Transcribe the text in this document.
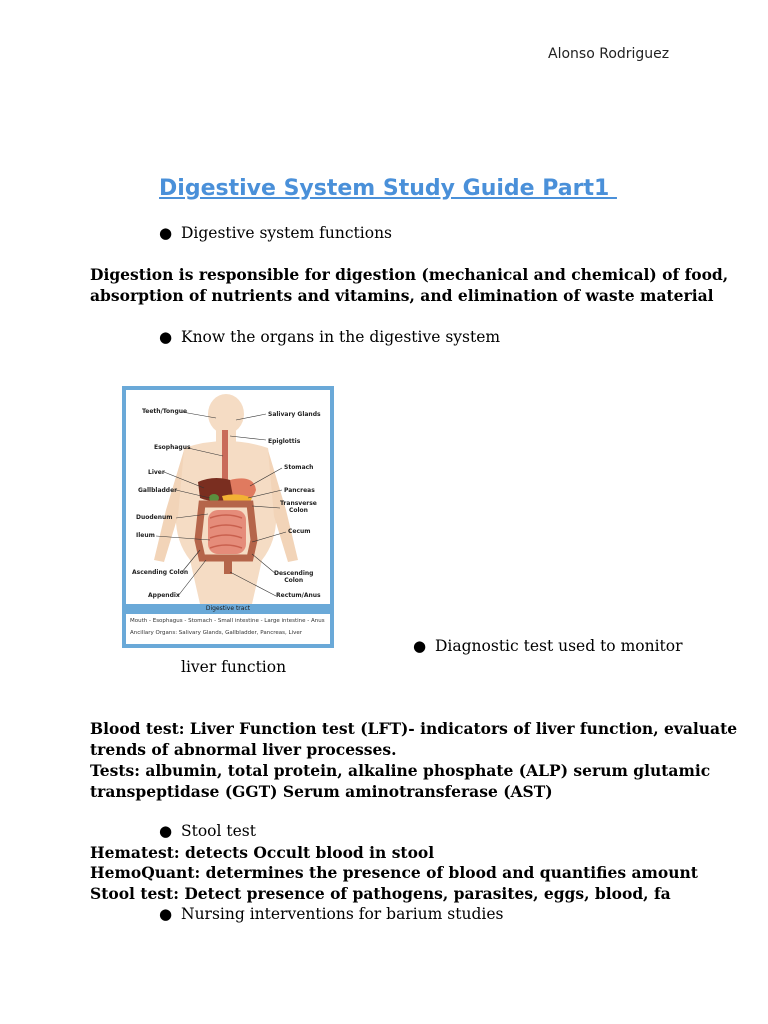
Alonso Rodriguez
Digestive System Study Guide Part1
● Digestive system functions
Digestion is responsible for digestion (mechanical and chemical) of food, absorption of nutrients and vitamins, and elimination of waste material
● Know the organs in the digestive system
Teeth/Tongue	Salivary Glands
Epiglottis
Esophagus
Stomach
Liver
Gallbladder	Pancreas
Transverse
Colon
Duodenum
Ileum
Cecum
Ascending Colon	Descending
Colon
Appendix	Rectum/Anus
Digestive tract
Mouth - Esophagus - Stomach - Small intestine - Large intestine - Anus
Ancillary Organs: Salivary Glands, Gallbladder, Pancreas, Liver
● Diagnostic test used to monitor
liver function
Blood test: Liver Function test (LFT)- indicators of liver function, evaluate trends of abnormal liver processes.
Tests: albumin, total protein, alkaline phosphate (ALP) serum glutamic transpeptidase (GGT) Serum aminotransferase (AST)
● Stool test
Hematest: detects Occult blood in stool
HemoQuant: determines the presence of blood and quantifies amount
Stool test: Detect presence of pathogens, parasites, eggs, blood, fa
● Nursing interventions for barium studies
